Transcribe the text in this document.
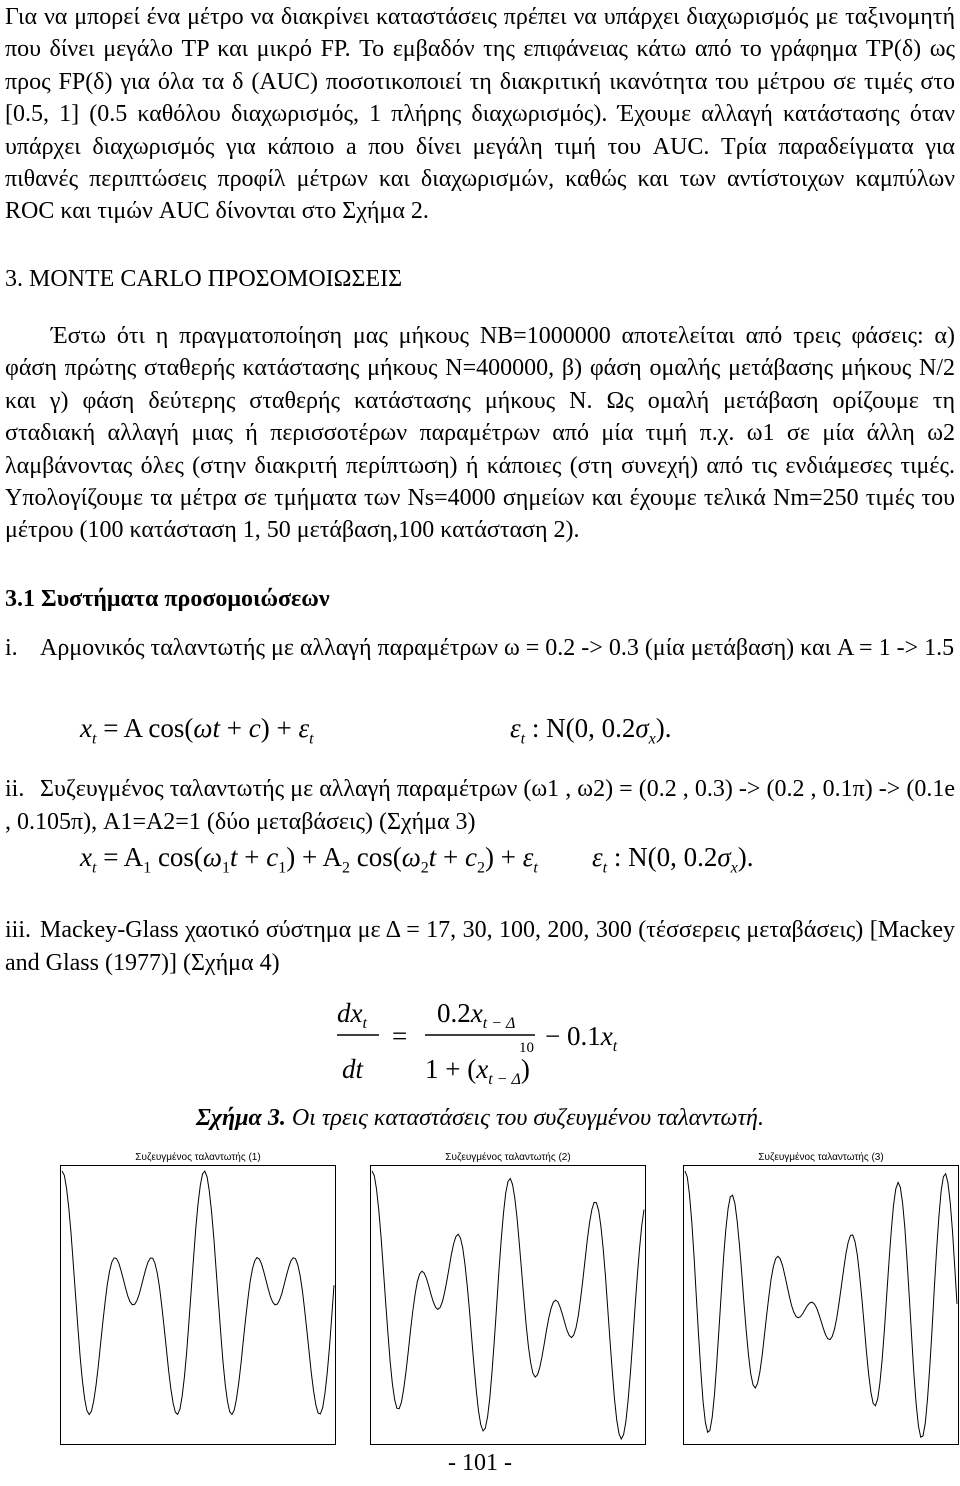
Για να μπορεί ένα μέτρο να διακρίνει καταστάσεις πρέπει να υπάρχει διαχωρισμός με ταξινομητή που δίνει μεγάλο TP και μικρό FP. Το εμβαδόν της επιφάνειας κάτω από το γράφημα TP(δ) ως προς FP(δ) για όλα τα δ (AUC) ποσοτικοποιεί τη διακριτική ικανότητα του μέτρου σε τιμές στο [0.5, 1] (0.5 καθόλου διαχωρισμός, 1 πλήρης διαχωρισμός). Έχουμε αλλαγή κατάστασης όταν υπάρχει διαχωρισμός για κάποιο a που δίνει μεγάλη τιμή του AUC. Τρία παραδείγματα για πιθανές περιπτώσεις προφίλ μέτρων και διαχωρισμών, καθώς και των αντίστοιχων καμπύλων ROC και τιμών AUC δίνονται στο Σχήμα 2.

3. MONTE CARLO ΠΡΟΣΟΜΟΙΩΣΕΙΣ

Έστω ότι η πραγματοποίηση μας μήκους NB=1000000 αποτελείται από τρεις φάσεις: α) φάση πρώτης σταθερής κατάστασης μήκους N=400000, β) φάση ομαλής μετάβασης μήκους N/2 και γ) φάση δεύτερης σταθερής κατάστασης μήκους N. Ως ομαλή μετάβαση ορίζουμε τη σταδιακή αλλαγή μιας ή περισσοτέρων παραμέτρων από μία τιμή π.χ. ω1 σε μία άλλη ω2 λαμβάνοντας όλες (στην διακριτή περίπτωση) ή κάποιες (στη συνεχή) από τις ενδιάμεσες τιμές. Υπολογίζουμε τα μέτρα σε τμήματα των Ns=4000 σημείων και έχουμε τελικά Nm=250 τιμές του μέτρου (100 κατάσταση 1, 50 μετάβαση,100 κατάσταση 2).

3.1 Συστήματα προσομοιώσεων

i. Αρμονικός ταλαντωτής με αλλαγή παραμέτρων ω = 0.2 -> 0.3 (μία μετάβαση) και A = 1 -> 1.5

$x_t = A$ $\cos(\omega t + c) + \varepsilon_t$	$\varepsilon_t$ : N(0, $0.2\sigma_x$).

ii. Συζευγμένος ταλαντωτής με αλλαγή παραμέτρων (ω1 , ω2) = (0.2 , 0.3) -> (0.2 , 0.1π) -> (0.1e , 0.105π), A1=A2=1 (δύο μεταβάσεις) (Σχήμα 3)

$x_t = A_1$ $\cos(\omega_1t + c_1) + A_2$ $\cos(\omega_2t + c_2) + \varepsilon_t$ $\varepsilon_t$ : N(0, $0.2\sigma_x$).

iii. Mackey-Glass χαοτικό σύστημα με Δ = 17, 30, 100, 200, 300 (τέσσερεις μεταβάσεις) [Mackey and Glass (1977)] (Σχήμα 4)

$dx_t$
dt
=
$0.2x_{t - \Delta}$
$1 + (x_{t - \Delta})$
$10 - 0.1x_t$

Σχήμα 3. Οι τρεις καταστάσεις του συζευγμένου ταλαντωτή.

Συζευγμένος ταλαντωτής (1)	Συζευγμένος ταλαντωτής (2)	Συζευγμένος ταλαντωτής (3)

- 101 -
